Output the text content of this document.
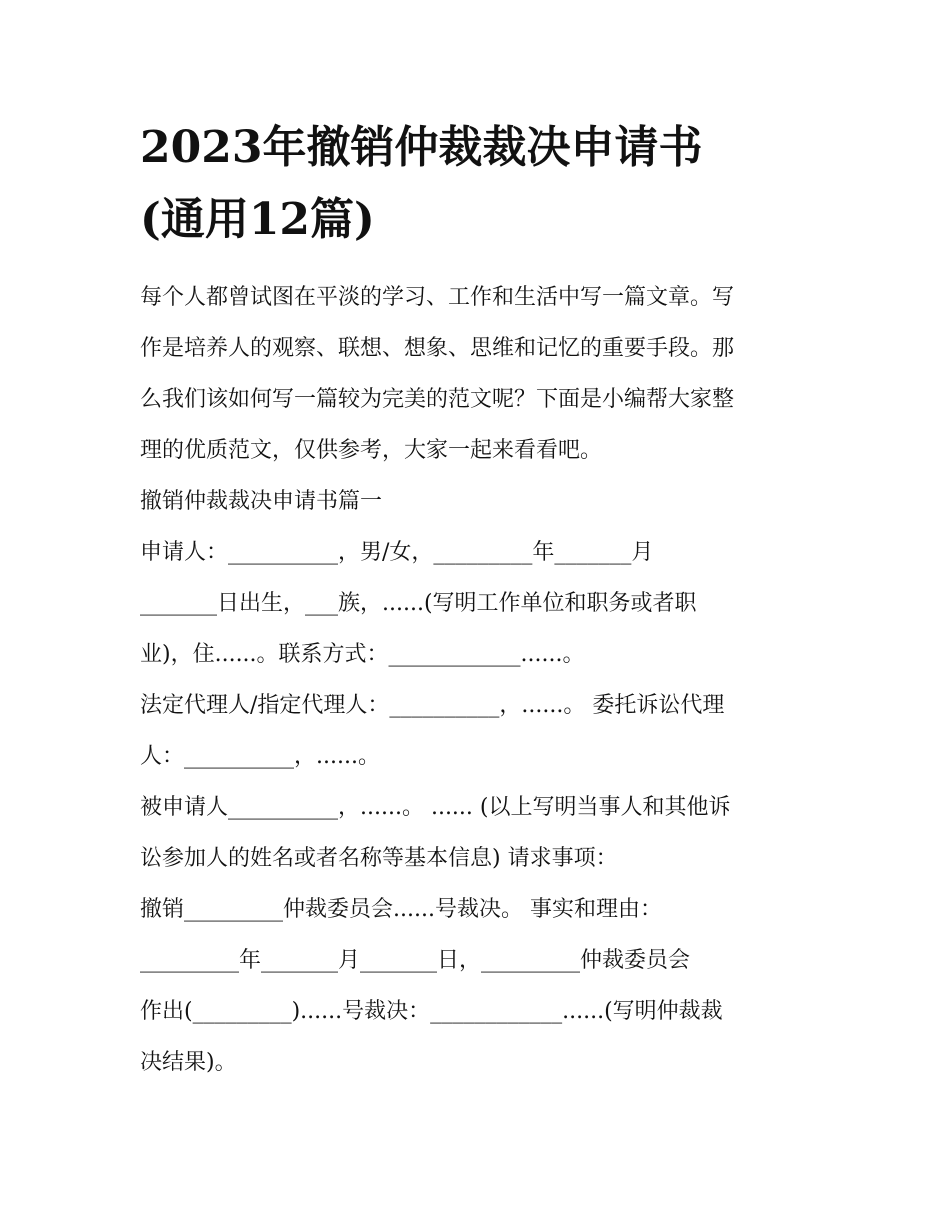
2023年撤销仲裁裁决申请书
(通用12篇)

每个人都曾试图在平淡的学习、工作和生活中写一篇文章。写
作是培养人的观察、联想、想象、思维和记忆的重要手段。那
么我们该如何写一篇较为完美的范文呢？下面是小编帮大家整
理的优质范文，仅供参考，大家一起来看看吧。

撤销仲裁裁决申请书篇一

申请人：__________，男/女，_________年_______月
_______日出生，___族，......(写明工作单位和职务或者职
业)，住......。联系方式：____________......。

法定代理人/指定代理人：__________，......。 委托诉讼代理
人：__________，......。

被申请人__________，......。 ...... (以上写明当事人和其他诉
讼参加人的姓名或者名称等基本信息) 请求事项：

撤销_________仲裁委员会......号裁决。 事实和理由：
_________年_______月_______日，_________仲裁委员会
作出(_________)......号裁决：____________......(写明仲裁裁
决结果)。
